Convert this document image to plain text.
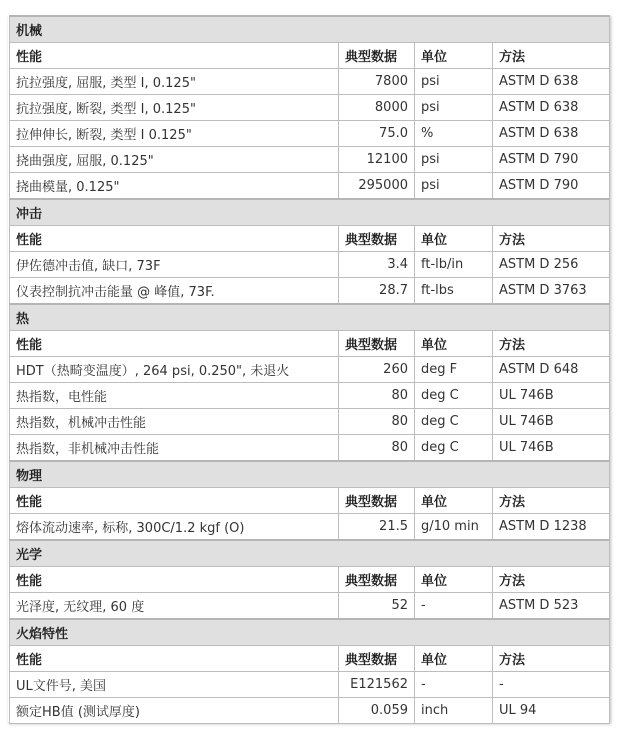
机械			
性能	典型数据	单位	方法
抗拉强度, 屈服, 类型 I, 0.125"	7800	psi	ASTM D 638
抗拉强度, 断裂, 类型 I, 0.125"	8000	psi	ASTM D 638
拉伸伸长, 断裂, 类型 I 0.125"	75.0	%	ASTM D 638
挠曲强度, 屈服, 0.125"	12100	psi	ASTM D 790
挠曲模量, 0.125"	295000	psi	ASTM D 790
冲击			
性能	典型数据	单位	方法
伊佐德冲击值, 缺口, 73F	3.4	ft-lb/in	ASTM D 256
仪表控制抗冲击能量 @ 峰值, 73F.	28.7	ft-lbs	ASTM D 3763
热			
性能	典型数据	单位	方法
HDT（热畸变温度）, 264 psi, 0.250", 未退火	260	deg F	ASTM D 648
热指数，电性能	80	deg C	UL 746B
热指数，机械冲击性能	80	deg C	UL 746B
热指数，非机械冲击性能	80	deg C	UL 746B
物理			
性能	典型数据	单位	方法
熔体流动速率, 标称, 300C/1.2 kgf (O)	21.5	g/10 min	ASTM D 1238
光学			
性能	典型数据	单位	方法
光泽度, 无纹理, 60 度	52	-	ASTM D 523
火焰特性			
性能	典型数据	单位	方法
UL文件号, 美国	E121562	-	-
额定HB值 (测试厚度)	0.059	inch	UL 94
